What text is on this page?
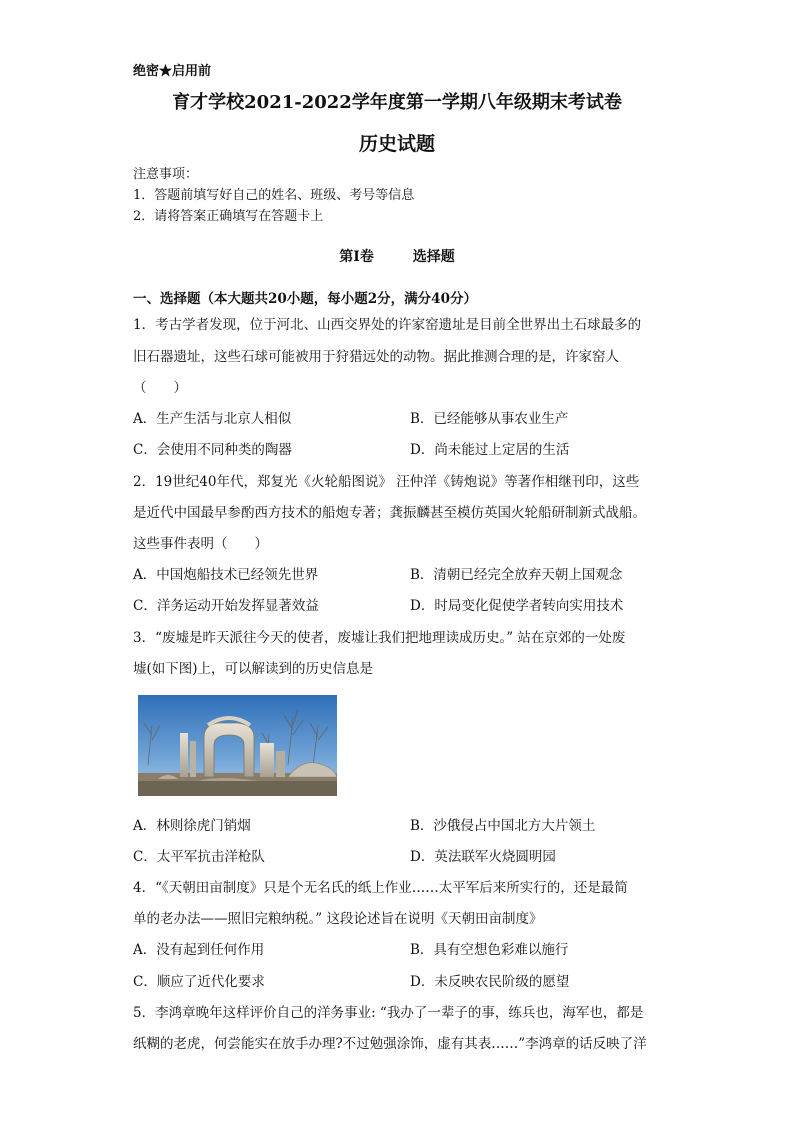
绝密★启用前
育才学校2021-2022学年度第一学期八年级期末考试卷
历史试题
注意事项：
1．答题前填写好自己的姓名、班级、考号等信息
2．请将答案正确填写在答题卡上
第I卷　 选择题
一、选择题（本大题共20小题，每小题2分，满分40分）
1．考古学者发现，位于河北、山西交界处的许家窑遗址是目前全世界出土石球最多的
旧石器遗址，这些石球可能被用于狩猎远处的动物。据此推测合理的是，许家窑人
（　　）
A．生产生活与北京人相似	B．已经能够从事农业生产
C．会使用不同种类的陶器	D．尚未能过上定居的生活
2．19世纪40年代，郑复光《火轮船图说》 汪仲洋《铸炮说》等著作相继刊印，这些
是近代中国最早参酌西方技术的船炮专著；龚振麟甚至模仿英国火轮船研制新式战船。
这些事件表明（　　）
A．中国炮船技术已经领先世界	B．清朝已经完全放弃天朝上国观念
C．洋务运动开始发挥显著效益	D．时局变化促使学者转向实用技术
3．“废墟是昨天派往今天的使者，废墟让我们把地理读成历史。” 站在京郊的一处废
墟(如下图)上，可以解读到的历史信息是
A．林则徐虎门销烟	B．沙俄侵占中国北方大片领土
C．太平军抗击洋枪队	D．英法联军火烧圆明园
4．“《天朝田亩制度》只是个无名氏的纸上作业……太平军后来所实行的，还是最简
单的老办法——照旧完粮纳税。” 这段论述旨在说明《天朝田亩制度》
A．没有起到任何作用	B．具有空想色彩难以施行
C．顺应了近代化要求	D．未反映农民阶级的愿望
5．李鸿章晚年这样评价自己的洋务事业: “我办了一辈子的事，练兵也，海军也，都是
纸糊的老虎，何尝能实在放手办理?不过勉强涂饰，虚有其表……”李鸿章的话反映了洋
